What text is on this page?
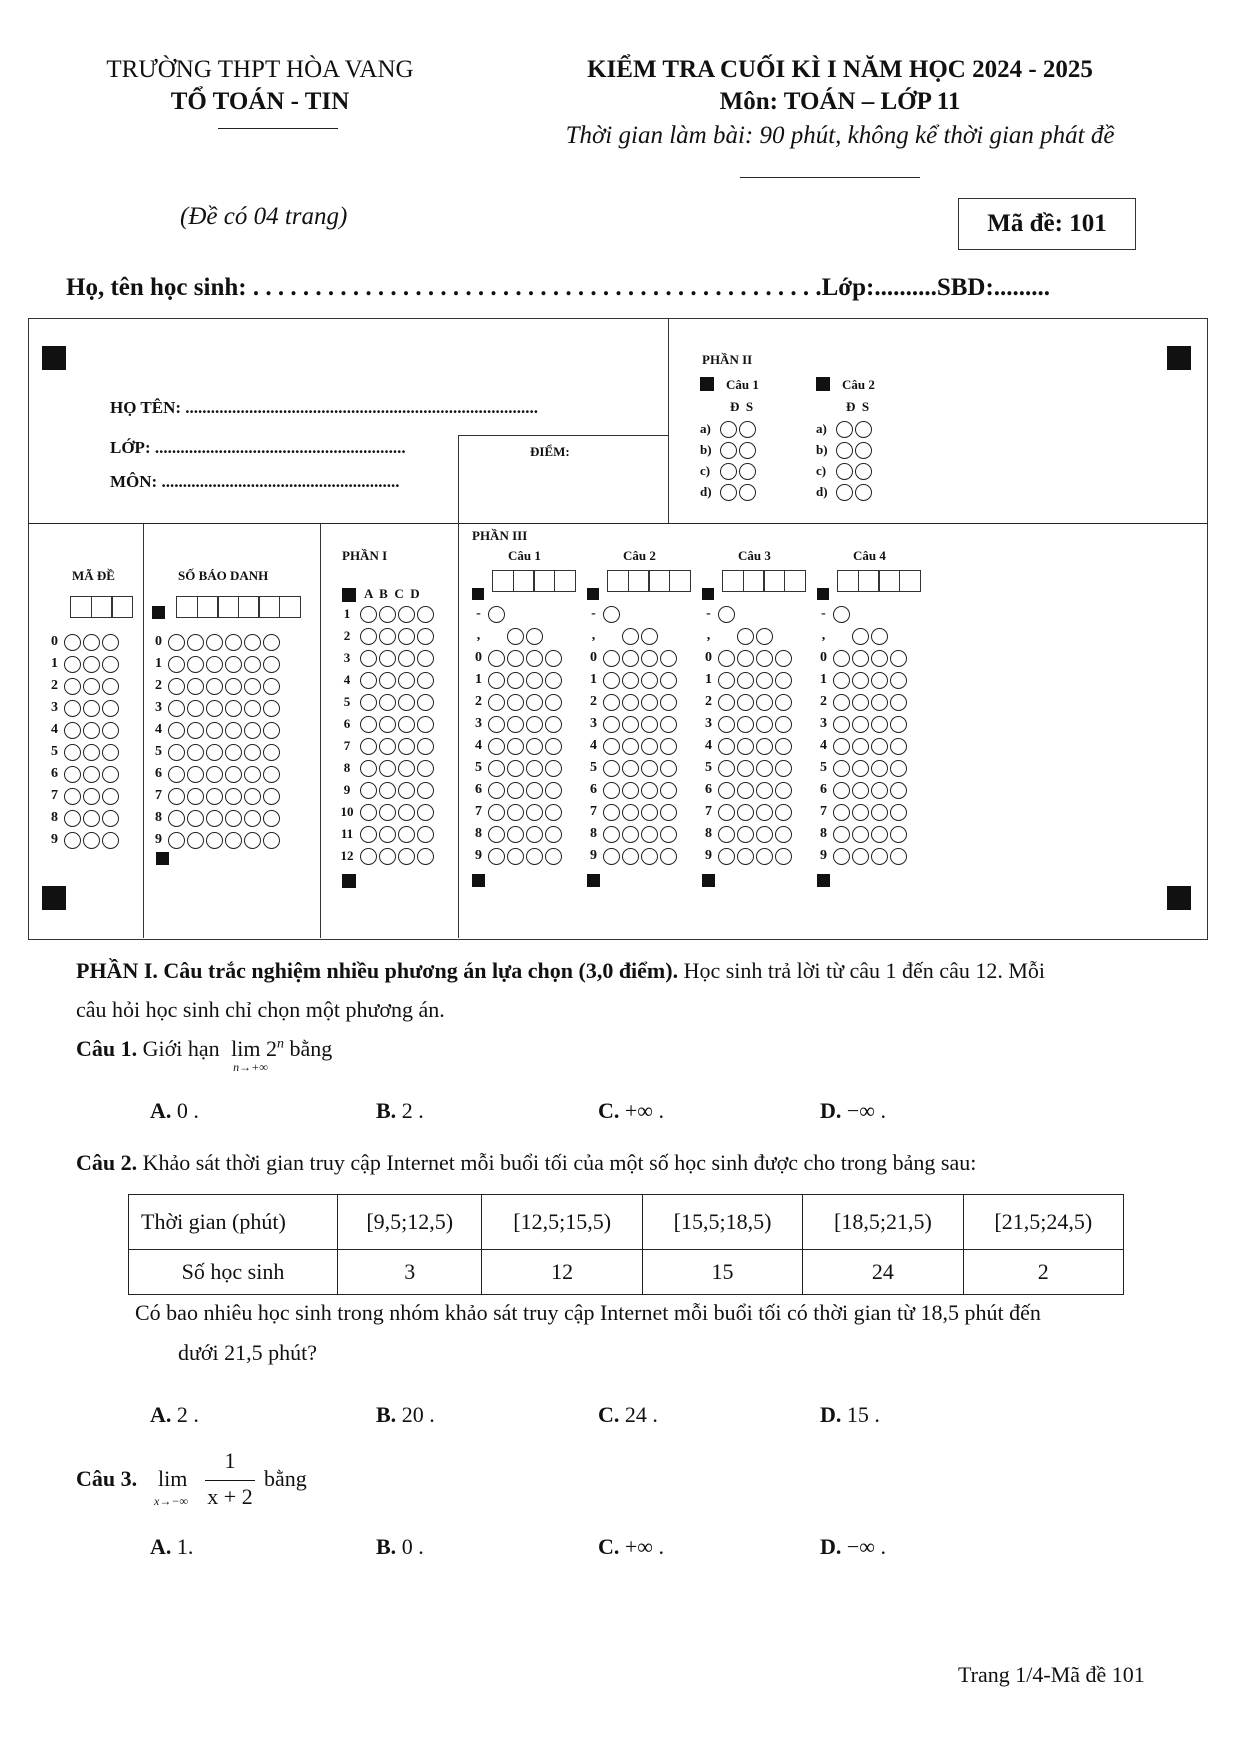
TRƯỜNG THPT HÒA VANG
TỔ TOÁN - TIN
KIỂM TRA CUỐI KÌ I NĂM HỌC 2024 - 2025
Môn: TOÁN – LỚP 11
Thời gian làm bài: 90 phút, không kể thời gian phát đề
(Đề có 04 trang)	Mã đề: 101
Họ, tên học sinh: . . . . . . . . . . . . . . . . . . . . . . . . . . . . . . . . . . . . . . . . . . . . . .Lớp:..........SBD:.........
HỌ TÊN: ...................................................................................
LỚP: ...........................................................
MÔN: ........................................................
ĐIỂM:
PHẦN II
Câu 1	Câu 2
Đ  S	Đ  S
a)	a)
b)	b)
c)	c)
d)	d)
MÃ ĐỀ
0
1
2
3
4
5
6
7
8
9
SỐ BÁO DANH
0
1
2
3
4
5
6
7
8
9
PHẦN I
A  B  C  D
1
2
3
4
5
6
7
8
9
10
11
12
PHẦN III
Câu 1
-
,
0
1
2
3
4
5
6
7
8
9
Câu 2
-
,
0
1
2
3
4
5
6
7
8
9
Câu 3
-
,
0
1
2
3
4
5
6
7
8
9
Câu 4
-
,
0
1
2
3
4
5
6
7
8
9
PHẦN I. Câu trắc nghiệm nhiều phương án lựa chọn (3,0 điểm). Học sinh trả lời từ câu 1 đến câu 12. Mỗi
câu hỏi học sinh chỉ chọn một phương án.
Câu 1. Giới hạn lim 2$^n$
n→+∞
bằng
A. 0 .	B. 2 .	C. +∞ .	D. −∞ .
Câu 2. Khảo sát thời gian truy cập Internet mỗi buổi tối của một số học sinh được cho trong bảng sau:
Thời gian (phút)	[9,5;12,5)	[12,5;15,5)	[15,5;18,5)	[18,5;21,5)	[21,5;24,5)
Số học sinh	3	12	15	24	2
Có bao nhiêu học sinh trong nhóm khảo sát truy cập Internet mỗi buổi tối có thời gian từ 18,5 phút đến
dưới 21,5 phút?
A. 2 .	B. 20 .	C. 24 .	D. 15 .
Câu 3. lim
x→−∞
1
x + 2
bằng
A. 1.	B. 0 .	C. +∞ .	D. −∞ .
Trang 1/4-Mã đề 101
